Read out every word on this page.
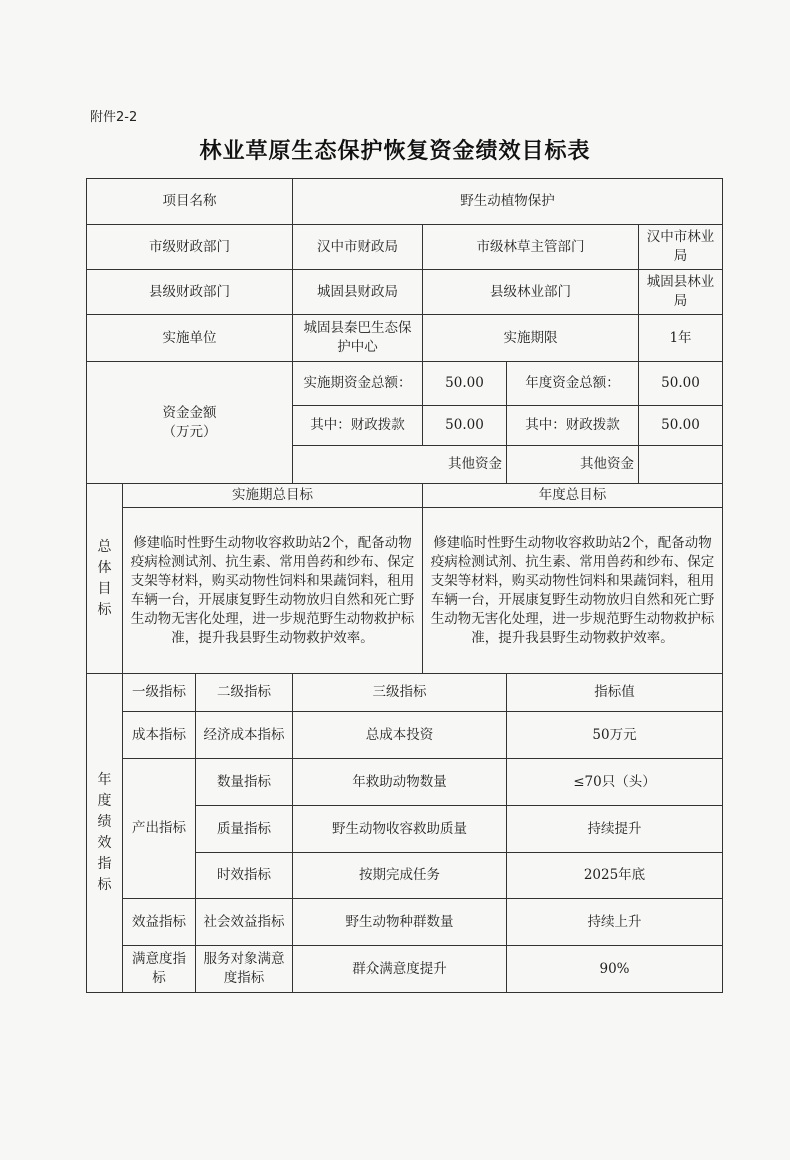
附件2-2
林业草原生态保护恢复资金绩效目标表
项目名称			野生动植物保护			
市级财政部门			汉中市财政局	市级林草主管部门		汉中市林业局
县级财政部门			城固县财政局	县级林业部门		城固县林业局
实施单位			城固县秦巴生态保护中心	实施期限		1年

资金金额
（万元）			实施期资金总额：	50.00	年度资金总额：	50.00
			其中：财政拨款	50.00	其中：财政拨款	50.00
			其他资金		其他资金	
总体目标	实施期总目标			年度总目标		
	修建临时性野生动物收容救助站2个，配备动物疫病检测试剂、抗生素、常用兽药和纱布、保定支架等材料，购买动物性饲料和果蔬饲料，租用车辆一台，开展康复野生动物放归自然和死亡野生动物无害化处理，进一步规范野生动物救护标准，提升我县野生动物救护效率。			修建临时性野生动物收容救助站2个，配备动物疫病检测试剂、抗生素、常用兽药和纱布、保定支架等材料，购买动物性饲料和果蔬饲料，租用车辆一台，开展康复野生动物放归自然和死亡野生动物无害化处理，进一步规范野生动物救护标准，提升我县野生动物救护效率。		
年度绩效指标	一级指标	二级指标	三级指标		指标值	
	成本指标	经济成本指标	总成本投资		50万元	
	产出指标	数量指标	年救助动物数量		≤70只（头）	
		质量指标	野生动物收容救助质量		持续提升	
		时效指标	按期完成任务		2025年底	
	效益指标	社会效益指标	野生动物种群数量		持续上升	
	满意度指标	服务对象满意度指标	群众满意度提升		90%	
